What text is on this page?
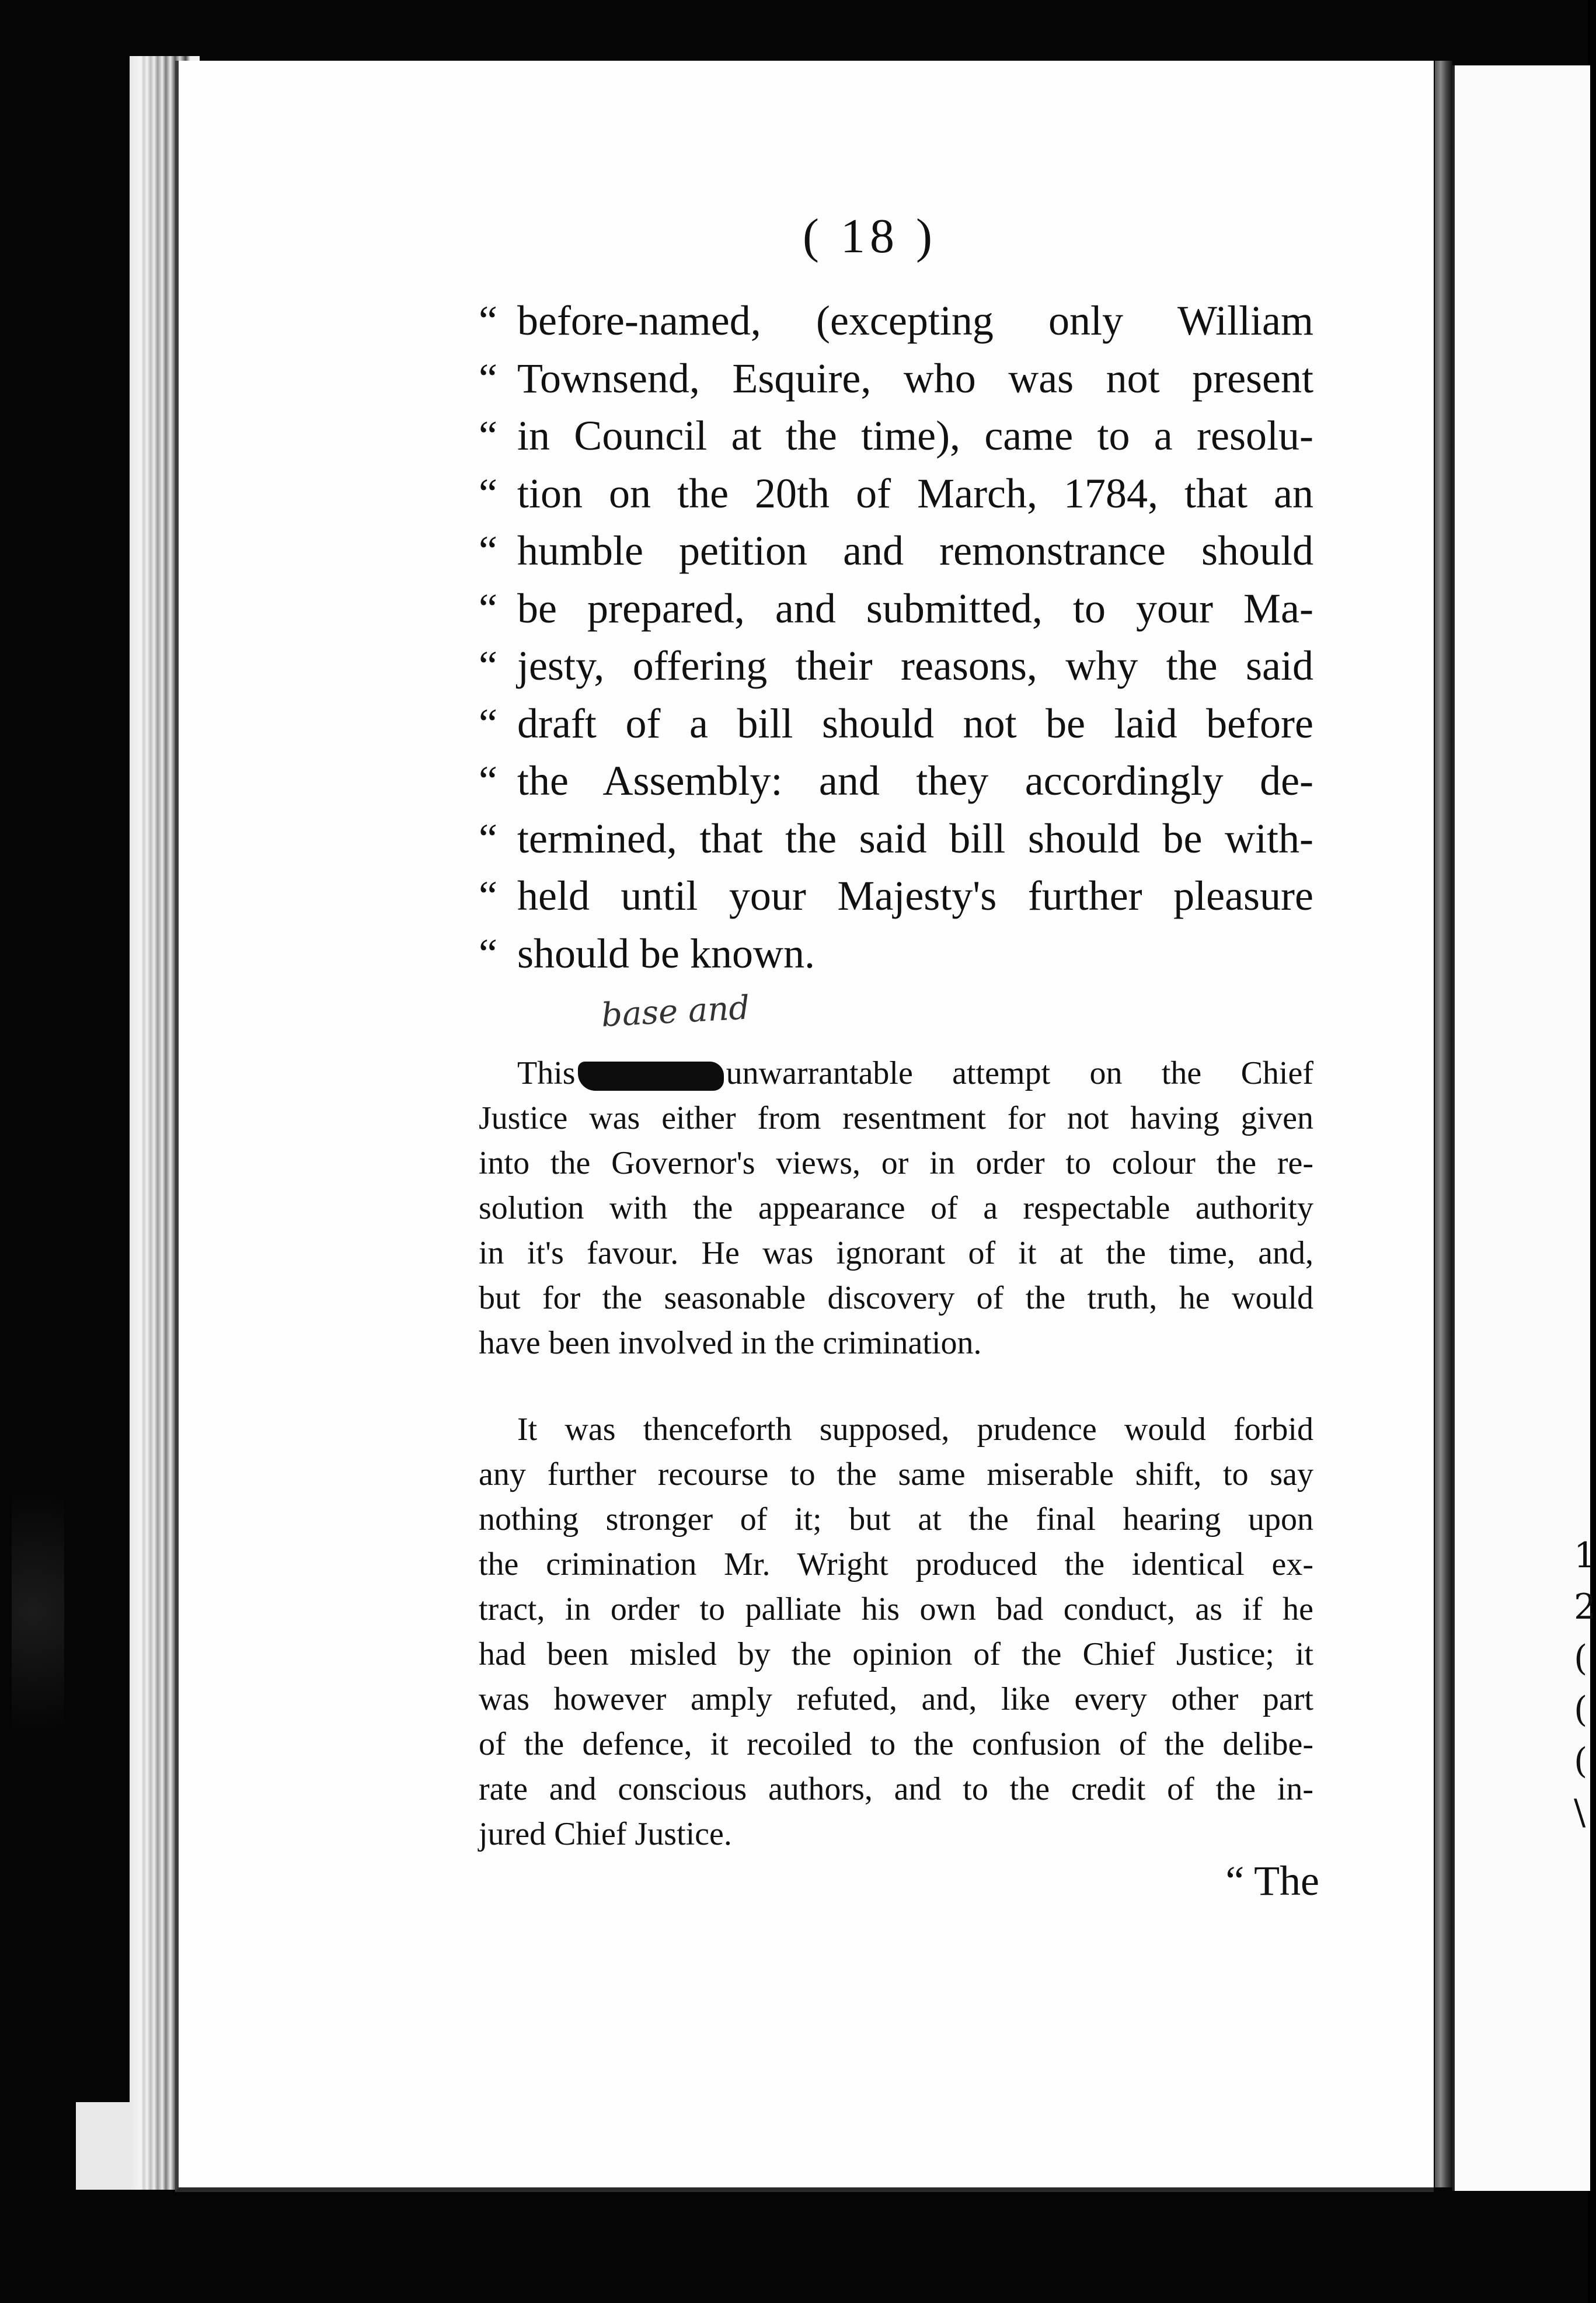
1
2
(
(
(
\
( 18 )
“ before-named, (excepting only William
“ Townsend, Esquire, who was not present
“ in Council at the time), came to a resolu-
“ tion on the 20th of March, 1784, that an
“ humble petition and remonstrance should
“ be prepared, and submitted, to your Ma-
“ jesty, offering their reasons, why the said
“ draft of a bill should not be laid before
“ the Assembly: and they accordingly de-
“ termined, that the said bill should be with-
“ held until your Majesty's further pleasure
“ should be known.
base and
This	unwarrantable attempt on the Chief
Justice was either from resentment for not having given
into the Governor's views, or in order to colour the re-
solution with the appearance of a respectable authority
in it's favour. He was ignorant of it at the time, and,
but for the seasonable discovery of the truth, he would
have been involved in the crimination.
It was thenceforth supposed, prudence would forbid
any further recourse to the same miserable shift, to say
nothing stronger of it; but at the final hearing upon
the crimination Mr. Wright produced the identical ex-
tract, in order to palliate his own bad conduct, as if he
had been misled by the opinion of the Chief Justice; it
was however amply refuted, and, like every other part
of the defence, it recoiled to the confusion of the delibe-
rate and conscious authors, and to the credit of the in-
jured Chief Justice.
“ The
